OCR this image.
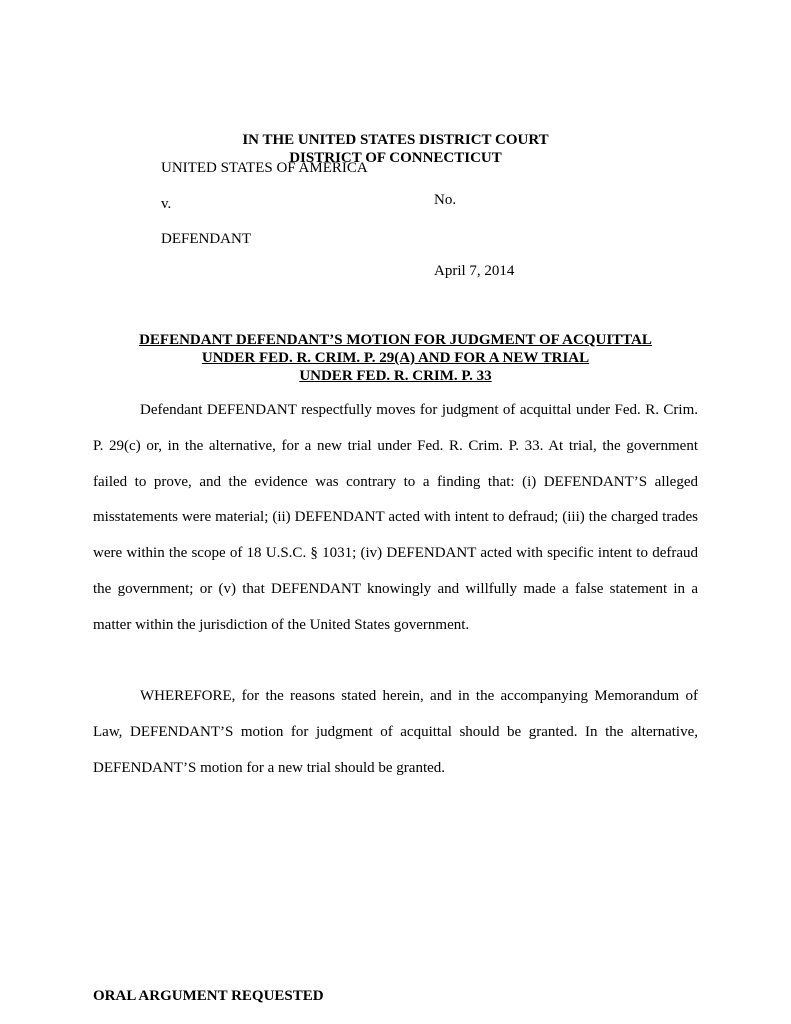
IN THE UNITED STATES DISTRICT COURT
DISTRICT OF CONNECTICUT
UNITED STATES OF AMERICA
v.
DEFENDANT
No.
April 7, 2014
DEFENDANT DEFENDANT’S MOTION FOR JUDGMENT OF ACQUITTAL
UNDER FED. R. CRIM. P. 29(A) AND FOR A NEW TRIAL
UNDER FED. R. CRIM. P. 33
Defendant DEFENDANT respectfully moves for judgment of acquittal under Fed. R. Crim. P. 29(c) or, in the alternative, for a new trial under Fed. R. Crim. P. 33. At trial, the government failed to prove, and the evidence was contrary to a finding that: (i) DEFENDANT’S alleged misstatements were material; (ii) DEFENDANT acted with intent to defraud; (iii) the charged trades were within the scope of 18 U.S.C. § 1031; (iv) DEFENDANT acted with specific intent to defraud the government; or (v) that DEFENDANT knowingly and willfully made a false statement in a matter within the jurisdiction of the United States government.
WHEREFORE, for the reasons stated herein, and in the accompanying Memorandum of Law, DEFENDANT’S motion for judgment of acquittal should be granted. In the alternative, DEFENDANT’S motion for a new trial should be granted.
ORAL ARGUMENT REQUESTED
